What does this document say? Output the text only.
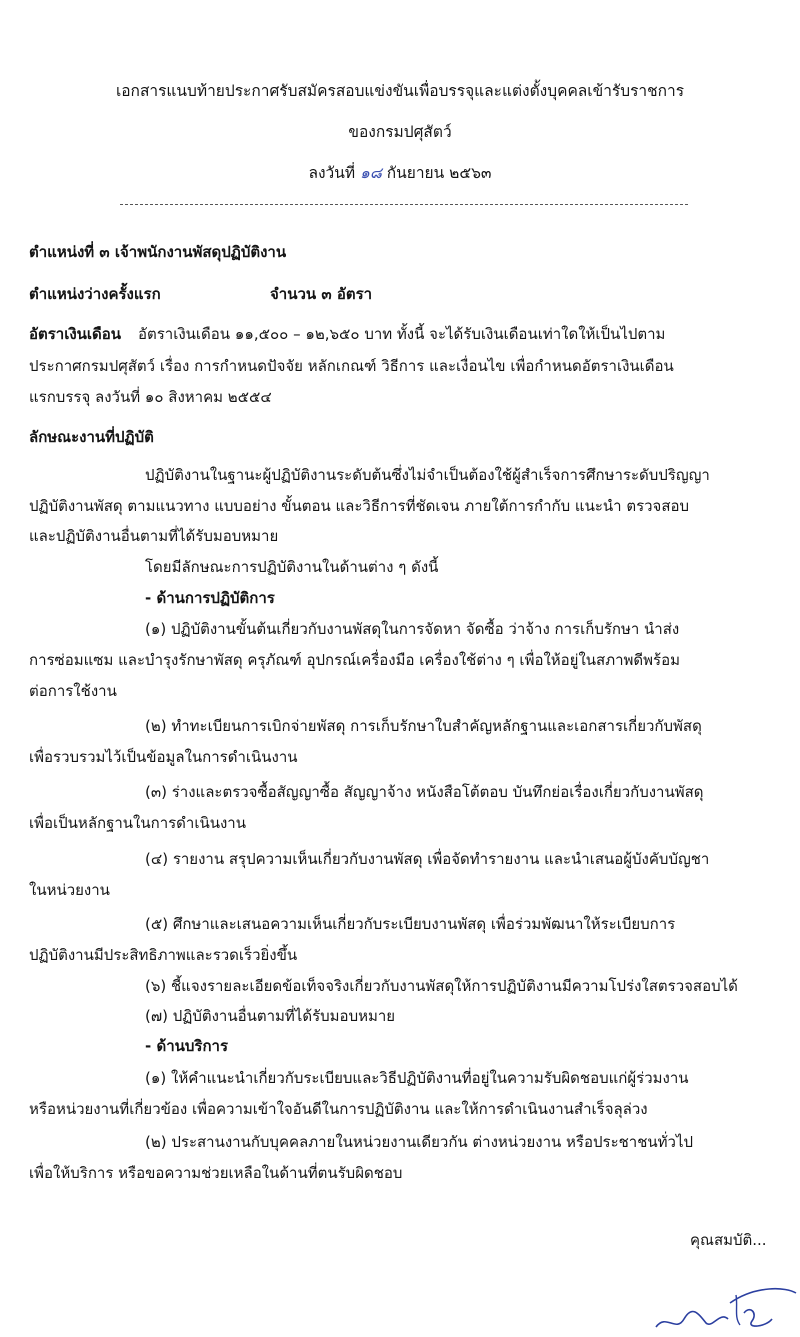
เอกสารแนบท้ายประกาศรับสมัครสอบแข่งขันเพื่อบรรจุและแต่งตั้งบุคคลเข้ารับราชการ
ของกรมปศุสัตว์
ลงวันที่ ๑๘ กันยายน ๒๕๖๓
ตำแหน่งที่ ๓ เจ้าพนักงานพัสดุปฏิบัติงาน
ตำแหน่งว่างครั้งแรก	จำนวน ๓ อัตรา
อัตราเงินเดือน อัตราเงินเดือน ๑๑,๕๐๐ – ๑๒,๖๕๐ บาท ทั้งนี้ จะได้รับเงินเดือนเท่าใดให้เป็นไปตาม
ประกาศกรมปศุสัตว์ เรื่อง การกำหนดปัจจัย หลักเกณฑ์ วิธีการ และเงื่อนไข เพื่อกำหนดอัตราเงินเดือน
แรกบรรจุ ลงวันที่ ๑๐ สิงหาคม ๒๕๕๔
ลักษณะงานที่ปฏิบัติ
ปฏิบัติงานในฐานะผู้ปฏิบัติงานระดับต้นซึ่งไม่จำเป็นต้องใช้ผู้สำเร็จการศึกษาระดับปริญญา
ปฏิบัติงานพัสดุ ตามแนวทาง แบบอย่าง ขั้นตอน และวิธีการที่ชัดเจน ภายใต้การกำกับ แนะนำ ตรวจสอบ
และปฏิบัติงานอื่นตามที่ได้รับมอบหมาย
โดยมีลักษณะการปฏิบัติงานในด้านต่าง ๆ ดังนี้
- ด้านการปฏิบัติการ
(๑) ปฏิบัติงานขั้นต้นเกี่ยวกับงานพัสดุในการจัดหา จัดซื้อ ว่าจ้าง การเก็บรักษา นำส่ง
การซ่อมแซม และบำรุงรักษาพัสดุ ครุภัณฑ์ อุปกรณ์เครื่องมือ เครื่องใช้ต่าง ๆ เพื่อให้อยู่ในสภาพดีพร้อม
ต่อการใช้งาน
(๒) ทำทะเบียนการเบิกจ่ายพัสดุ การเก็บรักษาใบสำคัญหลักฐานและเอกสารเกี่ยวกับพัสดุ
เพื่อรวบรวมไว้เป็นข้อมูลในการดำเนินงาน
(๓) ร่างและตรวจซื้อสัญญาซื้อ สัญญาจ้าง หนังสือโต้ตอบ บันทึกย่อเรื่องเกี่ยวกับงานพัสดุ
เพื่อเป็นหลักฐานในการดำเนินงาน
(๔) รายงาน สรุปความเห็นเกี่ยวกับงานพัสดุ เพื่อจัดทำรายงาน และนำเสนอผู้บังคับบัญชา
ในหน่วยงาน
(๕) ศึกษาและเสนอความเห็นเกี่ยวกับระเบียบงานพัสดุ เพื่อร่วมพัฒนาให้ระเบียบการ
ปฏิบัติงานมีประสิทธิภาพและรวดเร็วยิ่งขึ้น
(๖) ชี้แจงรายละเอียดข้อเท็จจริงเกี่ยวกับงานพัสดุให้การปฏิบัติงานมีความโปร่งใสตรวจสอบได้
(๗) ปฏิบัติงานอื่นตามที่ได้รับมอบหมาย
- ด้านบริการ
(๑) ให้คำแนะนำเกี่ยวกับระเบียบและวิธีปฏิบัติงานที่อยู่ในความรับผิดชอบแก่ผู้ร่วมงาน
หรือหน่วยงานที่เกี่ยวข้อง เพื่อความเข้าใจอันดีในการปฏิบัติงาน และให้การดำเนินงานสำเร็จลุล่วง
(๒) ประสานงานกับบุคคลภายในหน่วยงานเดียวกัน ต่างหน่วยงาน หรือประชาชนทั่วไป
เพื่อให้บริการ หรือขอความช่วยเหลือในด้านที่ตนรับผิดชอบ
คุณสมบัติ...
